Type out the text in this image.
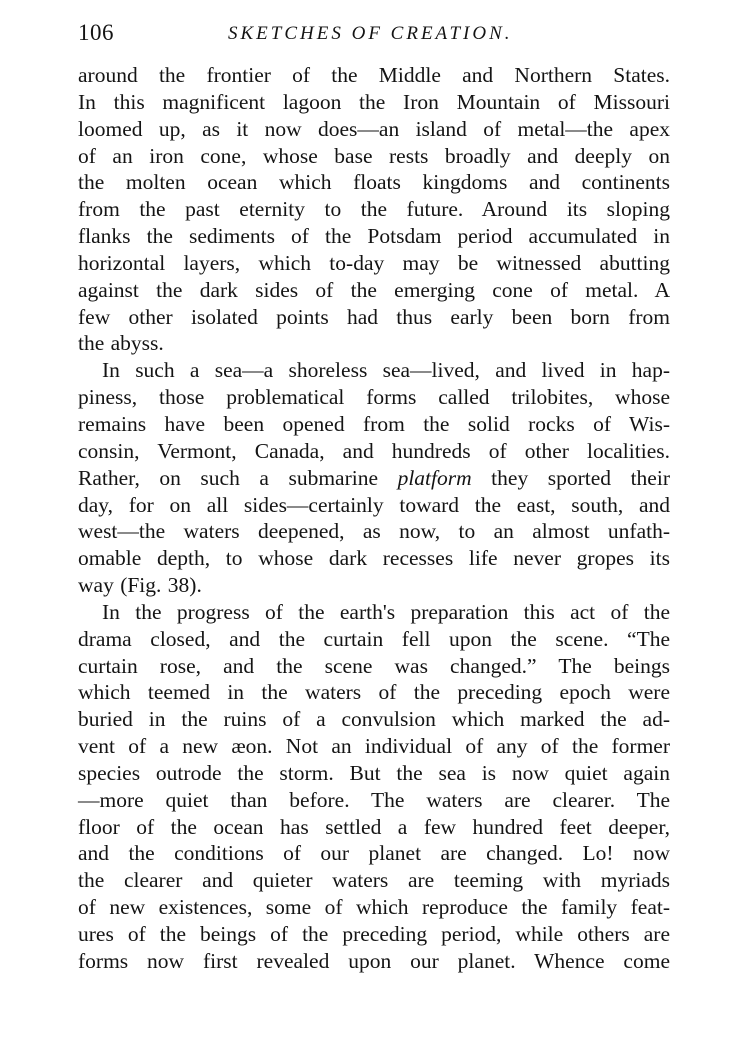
106	SKETCHES OF CREATION.
around the frontier of the Middle and Northern States.
In this magnificent lagoon the Iron Mountain of Missouri
loomed up, as it now does—an island of metal—the apex
of an iron cone, whose base rests broadly and deeply on
the molten ocean which floats kingdoms and continents
from the past eternity to the future. Around its sloping
flanks the sediments of the Potsdam period accumulated in
horizontal layers, which to-day may be witnessed abutting
against the dark sides of the emerging cone of metal. A
few other isolated points had thus early been born from
the abyss.
In such a sea—a shoreless sea—lived, and lived in hap-
piness, those problematical forms called trilobites, whose
remains have been opened from the solid rocks of Wis-
consin, Vermont, Canada, and hundreds of other localities.
Rather, on such a submarine platform they sported their
day, for on all sides—certainly toward the east, south, and
west—the waters deepened, as now, to an almost unfath-
omable depth, to whose dark recesses life never gropes its
way (Fig. 38).
In the progress of the earth's preparation this act of the
drama closed, and the curtain fell upon the scene. “The
curtain rose, and the scene was changed.” The beings
which teemed in the waters of the preceding epoch were
buried in the ruins of a convulsion which marked the ad-
vent of a new æon. Not an individual of any of the former
species outrode the storm. But the sea is now quiet again
—more quiet than before. The waters are clearer. The
floor of the ocean has settled a few hundred feet deeper,
and the conditions of our planet are changed. Lo! now
the clearer and quieter waters are teeming with myriads
of new existences, some of which reproduce the family feat-
ures of the beings of the preceding period, while others are
forms now first revealed upon our planet. Whence come
